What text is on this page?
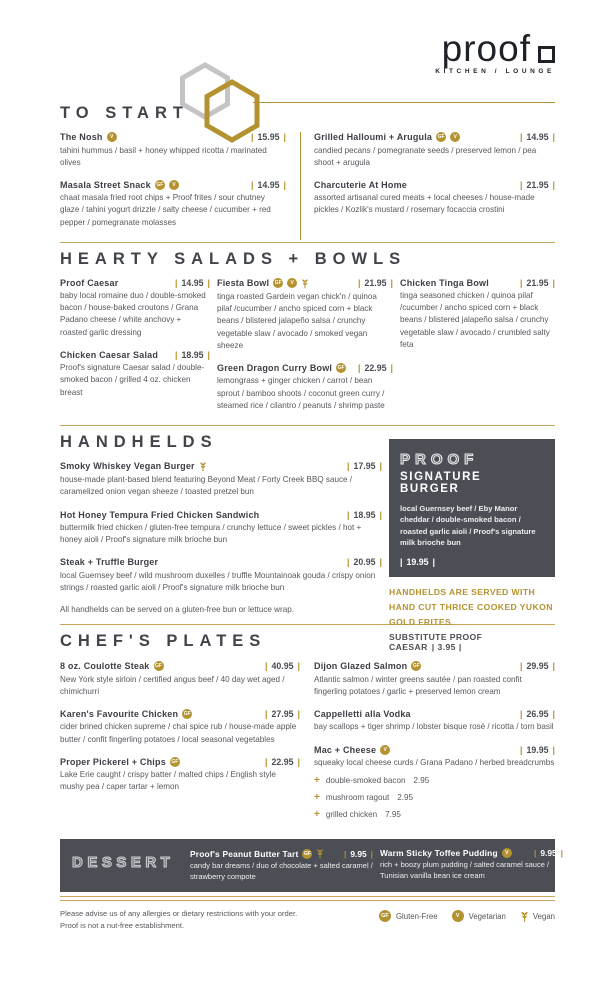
proof
KITCHEN / LOUNGE
TO START
The Nosh	V	| 15.95 |
tahini hummus / basil + honey whipped ricotta / marinated olives
Masala Street Snack	GF	V	| 14.95 |
chaat masala fried root chips + Proof frites / sour chutney glaze / tahini yogurt drizzle / salty cheese / cucumber + red pepper / pomegranate molasses
Grilled Halloumi + Arugula	GF	V	| 14.95 |
candied pecans / pomegranate seeds / preserved lemon / pea shoot + arugula
Charcuterie At Home	| 21.95 |
assorted artisanal cured meats + local cheeses / house-made pickles / Kozlik's mustard / rosemary focaccia crostini
HEARTY SALADS + BOWLS
Proof Caesar	| 14.95 |
baby local romaine duo / double-smoked bacon / house-baked croutons / Grana Padano cheese / white anchovy + roasted garlic dressing
Chicken Caesar Salad	| 18.95 |
Proof's signature Caesar salad / double-smoked bacon / grilled 4 oz. chicken breast
Fiesta Bowl	GF	V	| 21.95 |
tinga roasted Gardein vegan chick'n / quinoa pilaf /cucumber / ancho spiced corn + black beans / blistered jalapeño salsa / crunchy vegetable slaw / avocado / smoked vegan sheeze
Green Dragon Curry Bowl	GF	| 22.95 |
lemongrass + ginger chicken / carrot / bean sprout / bamboo shoots / coconut green curry / steamed rice / cilantro / peanuts / shrimp paste
Chicken Tinga Bowl	| 21.95 |
tinga seasoned chicken / quinoa pilaf /cucumber / ancho spiced corn + black beans / blistered jalapeño salsa / crunchy vegetable slaw / avocado / crumbled salty feta
HANDHELDS
Smoky Whiskey Vegan Burger	| 17.95 |
house-made plant-based blend featuring Beyond Meat / Forty Creek BBQ sauce / caramelized onion vegan sheeze / toasted pretzel bun
Hot Honey Tempura Fried Chicken Sandwich	| 18.95 |
buttermilk fried chicken / gluten-free tempura / crunchy lettuce / sweet pickles / hot + honey aioli / Proof's signature milk brioche bun
Steak + Truffle Burger	| 20.95 |
local Guernsey beef / wild mushroom duxelles / truffle Mountainoak gouda / crispy onion strings / roasted garlic aioli / Proof's signature milk brioche bun
All handhelds can be served on a gluten-free bun or lettuce wrap.
PROOF
SIGNATURE BURGER
local Guernsey beef / Eby Manor cheddar / double-smoked bacon / roasted garlic aioli / Proof's signature milk brioche bun
| 19.95 |
HANDHELDS ARE SERVED WITH HAND CUT THRICE COOKED YUKON GOLD FRITES.
SUBSTITUTE PROOF CAESAR | 3.95 |
CHEF'S PLATES
8 oz. Coulotte Steak	GF	| 40.95 |
New York style sirloin / certified angus beef / 40 day wet aged / chimichurri
Karen's Favourite Chicken	GF	| 27.95 |
cider brined chicken supreme / chai spice rub / house-made apple butter / confit fingerling potatoes / local seasonal vegetables
Proper Pickerel + Chips	GF	| 22.95 |
Lake Erie caught / crispy batter / malted chips / English style mushy pea / caper tartar + lemon
Dijon Glazed Salmon	GF	| 29.95 |
Atlantic salmon / winter greens sautée / pan roasted confit fingerling potatoes / garlic + preserved lemon cream
Cappelletti alla Vodka	| 26.95 |
bay scallops + tiger shrimp / lobster bisque rosé / ricotta / torn basil
Mac + Cheese	V	| 19.95 |
squeaky local cheese curds / Grana Padano / herbed breadcrumbs
+ double-smoked bacon 2.95
+ mushroom ragout 2.95
+ grilled chicken 7.95
DESSERT
Proof's Peanut Butter Tart	GF	| 9.95 |
candy bar dreams / duo of chocolate + salted caramel / strawberry compote
Warm Sticky Toffee Pudding	V	| 9.95 |
rich + boozy plum pudding / salted caramel sauce / Tunisian vanilla bean ice cream
Please advise us of any allergies or dietary restrictions with your order.
Proof is not a nut-free establishment.
GF Gluten-Free	V	Vegetarian	Vegan
